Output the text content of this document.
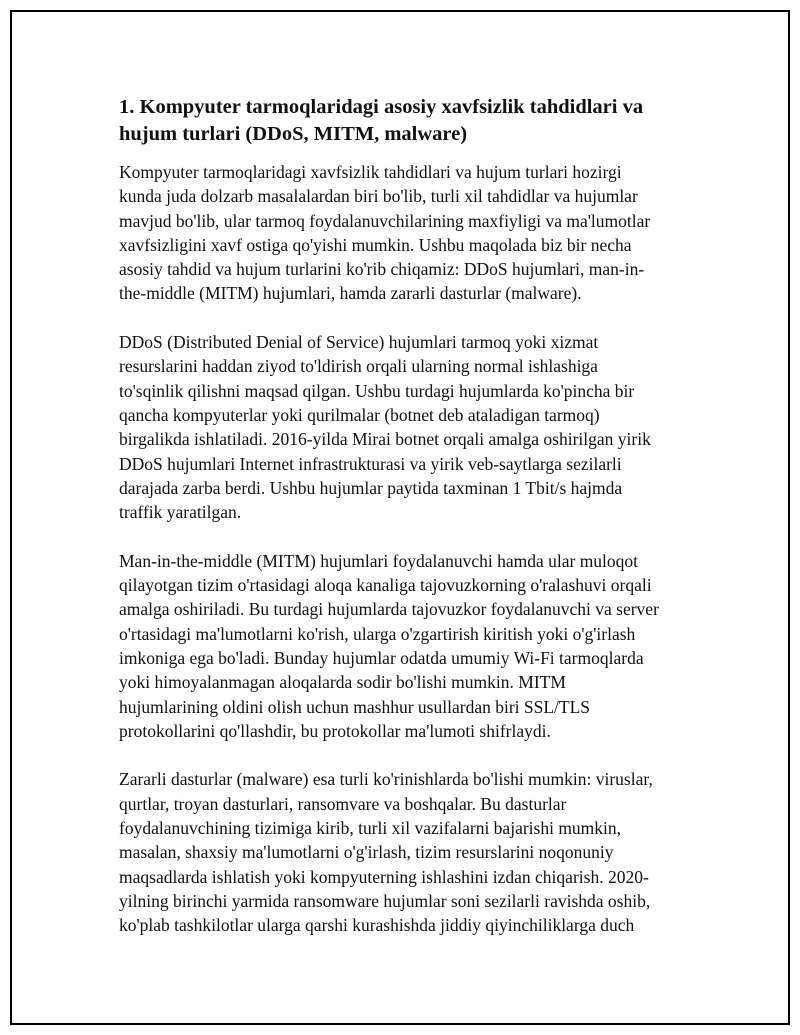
1. Kompyuter tarmoqlaridagi asosiy xavfsizlik tahdidlari va
hujum turlari (DDoS, MITM, malware)

Kompyuter tarmoqlaridagi xavfsizlik tahdidlari va hujum turlari hozirgi
kunda juda dolzarb masalalardan biri bo'lib, turli xil tahdidlar va hujumlar
mavjud bo'lib, ular tarmoq foydalanuvchilarining maxfiyligi va ma'lumotlar
xavfsizligini xavf ostiga qo'yishi mumkin. Ushbu maqolada biz bir necha
asosiy tahdid va hujum turlarini ko'rib chiqamiz: DDoS hujumlari, man-in-
the-middle (MITM) hujumlari, hamda zararli dasturlar (malware).

DDoS (Distributed Denial of Service) hujumlari tarmoq yoki xizmat
resurslarini haddan ziyod to'ldirish orqali ularning normal ishlashiga
to'sqinlik qilishni maqsad qilgan. Ushbu turdagi hujumlarda ko'pincha bir
qancha kompyuterlar yoki qurilmalar (botnet deb ataladigan tarmoq)
birgalikda ishlatiladi. 2016-yilda Mirai botnet orqali amalga oshirilgan yirik
DDoS hujumlari Internet infrastrukturasi va yirik veb-saytlarga sezilarli
darajada zarba berdi. Ushbu hujumlar paytida taxminan 1 Tbit/s hajmda
traffik yaratilgan.

Man-in-the-middle (MITM) hujumlari foydalanuvchi hamda ular muloqot
qilayotgan tizim o'rtasidagi aloqa kanaliga tajovuzkorning o'ralashuvi orqali
amalga oshiriladi. Bu turdagi hujumlarda tajovuzkor foydalanuvchi va server
o'rtasidagi ma'lumotlarni ko'rish, ularga o'zgartirish kiritish yoki o'g'irlash
imkoniga ega bo'ladi. Bunday hujumlar odatda umumiy Wi-Fi tarmoqlarda
yoki himoyalanmagan aloqalarda sodir bo'lishi mumkin. MITM
hujumlarining oldini olish uchun mashhur usullardan biri SSL/TLS
protokollarini qo'llashdir, bu protokollar ma'lumoti shifrlaydi.

Zararli dasturlar (malware) esa turli ko'rinishlarda bo'lishi mumkin: viruslar,
qurtlar, troyan dasturlari, ransomvare va boshqalar. Bu dasturlar
foydalanuvchining tizimiga kirib, turli xil vazifalarni bajarishi mumkin,
masalan, shaxsiy ma'lumotlarni o'g'irlash, tizim resurslarini noqonuniy
maqsadlarda ishlatish yoki kompyuterning ishlashini izdan chiqarish. 2020-
yilning birinchi yarmida ransomware hujumlar soni sezilarli ravishda oshib,
ko'plab tashkilotlar ularga qarshi kurashishda jiddiy qiyinchiliklarga duch
